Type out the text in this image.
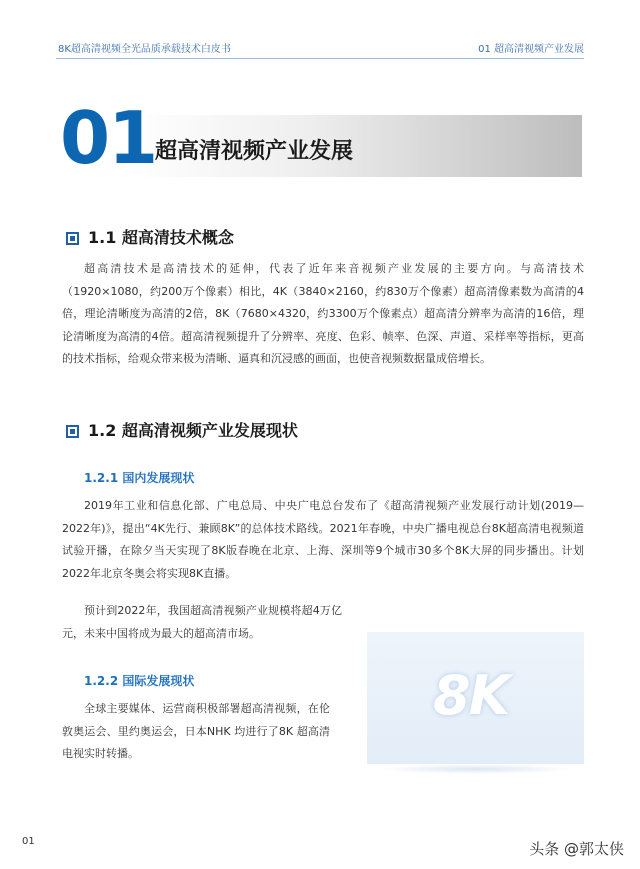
8K超高清视频全光品质承载技术白皮书	01 超高清视频产业发展
01
超高清视频产业发展
1.1 超高清技术概念

超高清技术是高清技术的延伸，代表了近年来音视频产业发展的主要方向。与高清技术（1920×1080，约200万个像素）相比，4K（3840×2160，约830万个像素）超高清像素数为高清的4倍，理论清晰度为高清的2倍，8K（7680×4320，约3300万个像素点）超高清分辨率为高清的16倍，理论清晰度为高清的4倍。超高清视频提升了分辨率、亮度、色彩、帧率、色深、声道、采样率等指标，更高的技术指标，给观众带来极为清晰、逼真和沉浸感的画面，也使音视频数据量成倍增长。

1.2 超高清视频产业发展现状
1.2.1 国内发展现状

2019年工业和信息化部、广电总局、中央广电总台发布了《超高清视频产业发展行动计划(2019—2022年)》，提出“4K先行、兼顾8K”的总体技术路线。2021年春晚，中央广播电视总台8K超高清电视频道试验开播，在除夕当天实现了8K版春晚在北京、上海、深圳等9个城市30多个8K大屏的同步播出。计划2022年北京冬奥会将实现8K直播。

预计到2022年，我国超高清视频产业规模将超4万亿元，未来中国将成为最大的超高清市场。

1.2.2 国际发展现状

全球主要媒体、运营商积极部署超高清视频，在伦敦奥运会、里约奥运会，日本NHK 均进行了8K 超高清电视实时转播。

8K
01	头条 @郭太侠
